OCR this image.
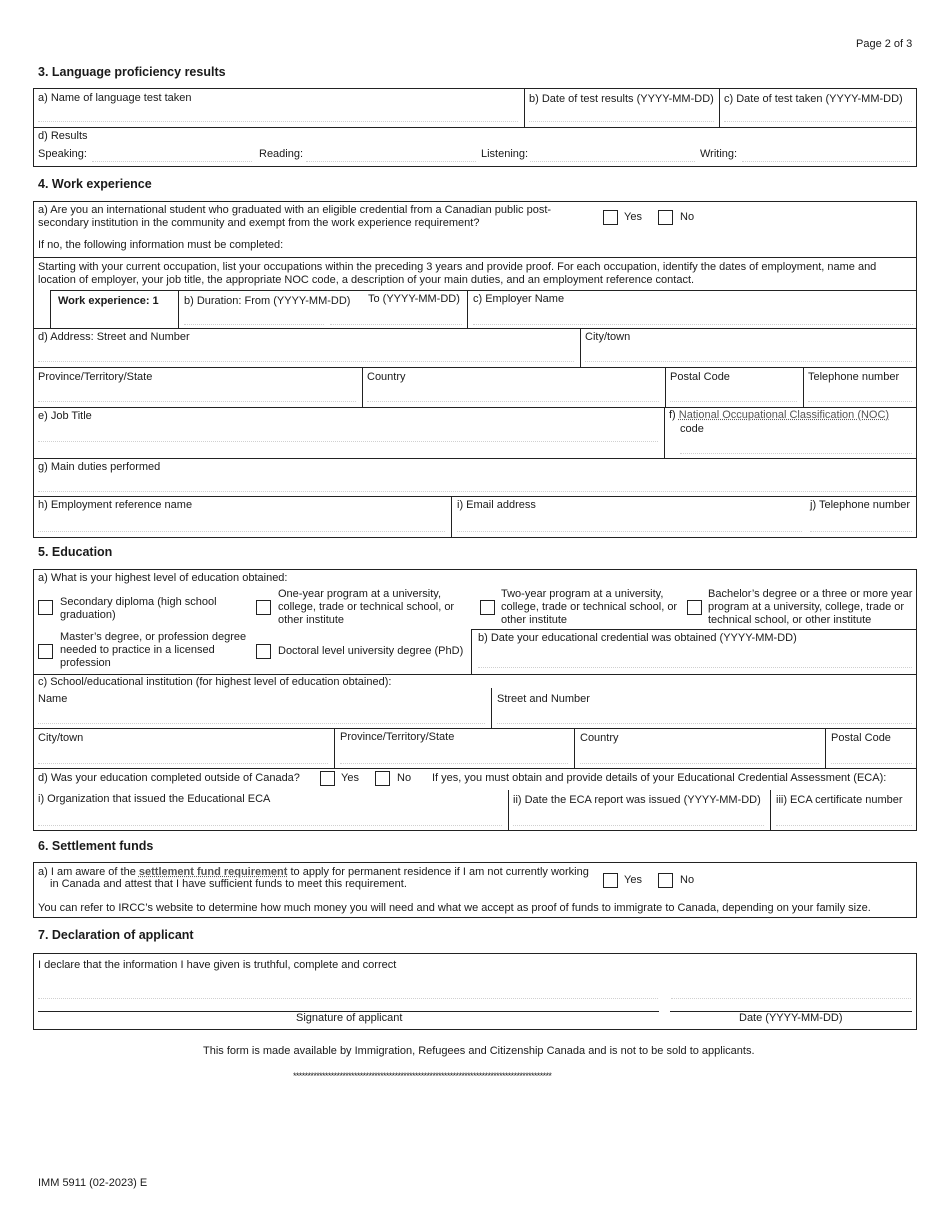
Page 2 of 3
3. Language proficiency results
a) Name of language test taken	b) Date of test results (YYYY-MM-DD) c) Date of test taken (YYYY-MM-DD)
d) Results
Speaking:	Reading:	Listening:	Writing:
4. Work experience
a) Are you an international student who graduated with an eligible credential from a Canadian public post-secondary institution in the community and exempt from the work experience requirement?	Yes	No
If no, the following information must be completed:
Starting with your current occupation, list your occupations within the preceding 3 years and provide proof. For each occupation, identify the dates of employment, name and location of employer, your job title, the appropriate NOC code, a description of your main duties, and an employment reference contact.
Work experience: 1 b) Duration: From (YYYY-MM-DD) To (YYYY-MM-DD) c) Employer Name
d) Address: Street and Number	City/town
Province/Territory/State	Country	Postal Code	Telephone number
e) Job Title	f) National Occupational Classification (NOC)
code
g) Main duties performed
h) Employment reference name	i) Email address	j) Telephone number
5. Education
a) What is your highest level of education obtained:
Secondary diploma (high school graduation)
One-year program at a university, college, trade or technical school, or other institute
Two-year program at a university, college, trade or technical school, or other institute
Bachelor’s degree or a three or more year program at a university, college, trade or technical school, or other institute
Master’s degree, or profession degree needed to practice in a licensed profession
Doctoral level university degree (PhD)
b) Date your educational credential was obtained (YYYY-MM-DD)
c) School/educational institution (for highest level of education obtained):
Name	Street and Number
City/town	Province/Territory/State	Country	Postal Code
d) Was your education completed outside of Canada?	Yes	No If yes, you must obtain and provide details of your Educational Credential Assessment (ECA):
i) Organization that issued the Educational ECA	ii) Date the ECA report was issued (YYYY-MM-DD) iii) ECA certificate number
6. Settlement funds
a) I am aware of the settlement fund requirement to apply for permanent residence if I am not currently working
in Canada and attest that I have sufficient funds to meet this requirement.	Yes	No
You can refer to IRCC’s website to determine how much money you will need and what we accept as proof of funds to immigrate to Canada, depending on your family size.
7. Declaration of applicant
I declare that the information I have given is truthful, complete and correct
Signature of applicant	Date (YYYY-MM-DD)
This form is made available by Immigration, Refugees and Citizenship Canada and is not to be sold to applicants.
*****************************************************************************************
IMM 5911 (02-2023) E
